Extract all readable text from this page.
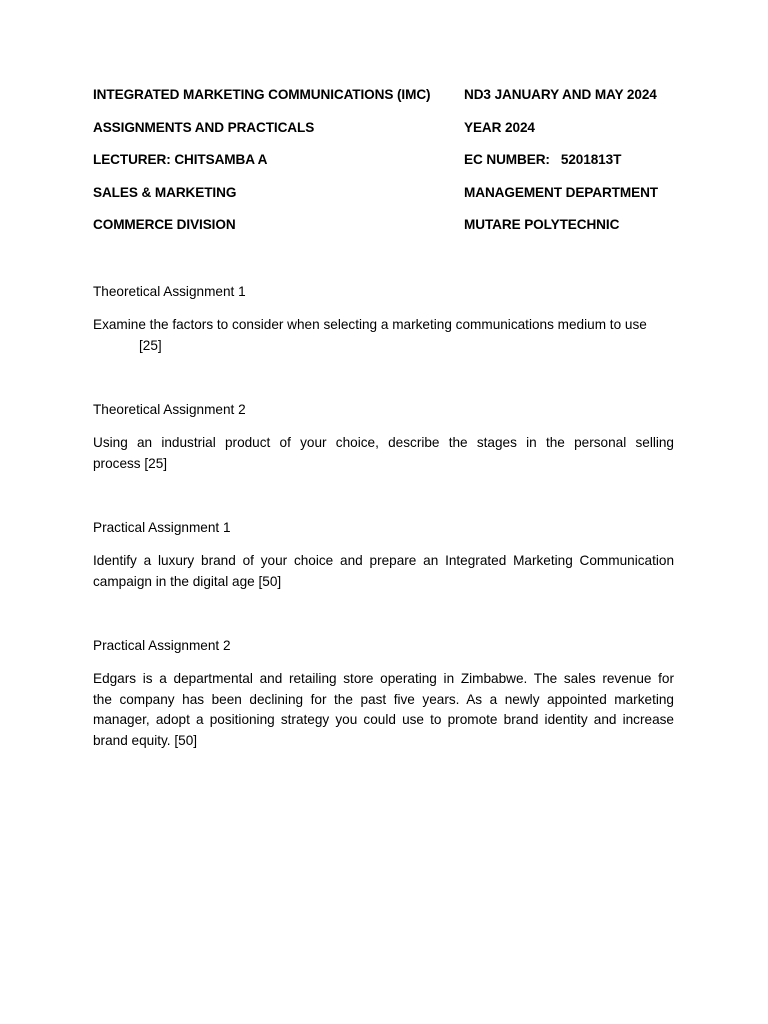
INTEGRATED MARKETING COMMUNICATIONS (IMC) ND3 JANUARY AND MAY 2024
ASSIGNMENTS AND PRACTICALS	YEAR 2024
LECTURER: CHITSAMBA A	EC NUMBER:   5201813T
SALES & MARKETING	MANAGEMENT DEPARTMENT
COMMERCE DIVISION	MUTARE POLYTECHNIC
Theoretical Assignment 1
Examine the factors to consider when selecting a marketing communications medium to use
[25]
Theoretical Assignment 2
Using an industrial product of your choice, describe the stages in the personal selling
process [25]
Practical Assignment 1
Identify a luxury brand of your choice and prepare an Integrated Marketing Communication
campaign in the digital age [50]
Practical Assignment 2
Edgars is a departmental and retailing store operating in Zimbabwe. The sales revenue for
the company has been declining for the past five years. As a newly appointed marketing
manager, adopt a positioning strategy you could use to promote brand identity and increase
brand equity. [50]
